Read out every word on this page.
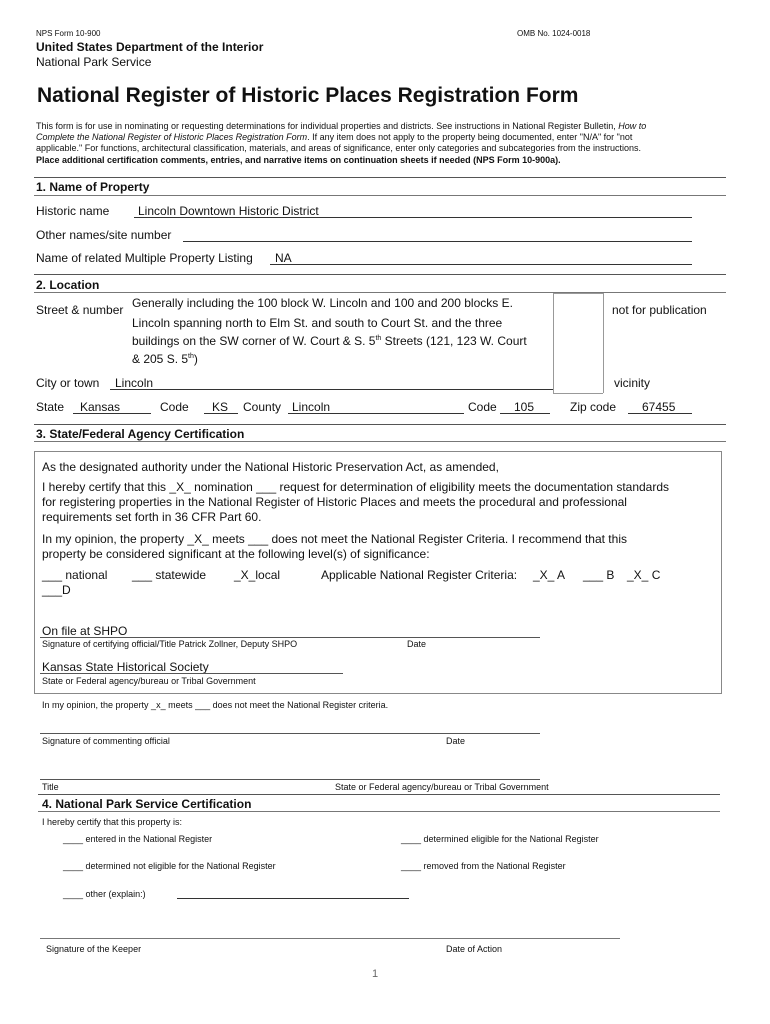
NPS Form 10-900	OMB No. 1024-0018
United States Department of the Interior
National Park Service
National Register of Historic Places Registration Form
This form is for use in nominating or requesting determinations for individual properties and districts. See instructions in National Register Bulletin, How to
Complete the National Register of Historic Places Registration Form. If any item does not apply to the property being documented, enter "N/A" for "not
applicable." For functions, architectural classification, materials, and areas of significance, enter only categories and subcategories from the instructions.
Place additional certification comments, entries, and narrative items on continuation sheets if needed (NPS Form 10-900a).
1. Name of Property
Historic name Lincoln Downtown Historic District
Other names/site number
Name of related Multiple Property Listing NA
2. Location
Street & number Generally including the 100 block W. Lincoln and 100 and 200 blocks E.
Lincoln spanning north to Elm St. and south to Court St. and the three
buildings on the SW corner of W. Court & S. 5th Streets (121, 123 W. Court
& 205 S. 5th)
not for publication
City or town Lincoln	vicinity
State Kansas	Code KS County Lincoln	Code 105	Zip code 67455
3. State/Federal Agency Certification
As the designated authority under the National Historic Preservation Act, as amended,
I hereby certify that this _X_ nomination ___ request for determination of eligibility meets the documentation standards
for registering properties in the National Register of Historic Places and meets the procedural and professional
requirements set forth in 36 CFR Part 60.
In my opinion, the property _X_ meets ___ does not meet the National Register Criteria. I recommend that this
property be considered significant at the following level(s) of significance:
___ national ___ statewide _X_local	Applicable National Register Criteria: _X_ A ___ B _X_ C
___D
On file at SHPO
Signature of certifying official/Title Patrick Zollner, Deputy SHPO	Date
Kansas State Historical Society
State or Federal agency/bureau or Tribal Government
In my opinion, the property _x_ meets ___ does not meet the National Register criteria.
Signature of commenting official	Date
Title	State or Federal agency/bureau or Tribal Government
4. National Park Service Certification
I hereby certify that this property is:
____ entered in the National Register	____ determined eligible for the National Register
____ determined not eligible for the National Register	____ removed from the National Register
____ other (explain:)
Signature of the Keeper	Date of Action
1
